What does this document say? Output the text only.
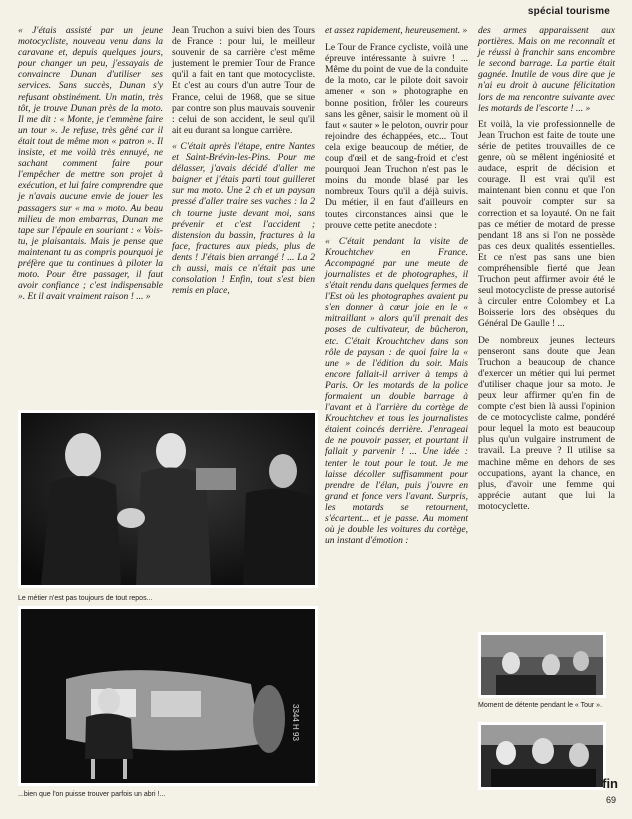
spécial tourisme

« J'étais assisté par un jeune motocycliste, nouveau venu dans la caravane et, depuis quelques jours, pour changer un peu, j'essayais de convaincre Dunan d'utiliser ses services. Sans succès, Dunan s'y refusant obstinément. Un matin, très tôt, je trouve Dunan près de la moto. Il me dit : « Monte, je t'emmène faire un tour ». Je refuse, très gêné car il était tout de même mon « patron ». Il insiste, et me voilà très ennuyé, ne sachant comment faire pour l'empêcher de mettre son projet à exécution, et lui faire comprendre que je n'avais aucune envie de jouer les passagers sur « ma » moto. Au beau milieu de mon embarras, Dunan me tape sur l'épaule en souriant : « Vois-tu, je plaisantais. Mais je pense que maintenant tu as compris pourquoi je préfère que tu continues à piloter la moto. Pour être passager, il faut avoir confiance ; c'est indispensable ». Et il avait vraiment raison ! ... »

Jean Truchon a suivi bien des Tours de France : pour lui, le meilleur souvenir de sa carrière c'est même justement le premier Tour de France qu'il a fait en tant que motocycliste. Et c'est au cours d'un autre Tour de France, celui de 1968, que se situe par contre son plus mauvais souvenir : celui de son accident, le seul qu'il ait eu durant sa longue carrière.

« C'était après l'étape, entre Nantes et Saint-Brévin-les-Pins. Pour me délasser, j'avais décidé d'aller me baigner et j'étais parti tout guilleret sur ma moto. Une 2 ch et un paysan pressé d'aller traire ses vaches : la 2 ch tourne juste devant moi, sans prévenir et c'est l'accident ; distension du bassin, fractures à la face, fractures aux pieds, plus de dents ! J'étais bien arrangé ! ... La 2 ch aussi, mais ce n'était pas une consolation ! Enfin, tout s'est bien remis en place,

et assez rapidement, heureusement. »

Le Tour de France cycliste, voilà une épreuve intéressante à suivre ! ... Même du point de vue de la conduite de la moto, car le pilote doit savoir amener « son » photographe en bonne position, frôler les coureurs sans les gêner, saisir le moment où il faut « sauter » le peloton, ouvrir pour rejoindre des échappées, etc... Tout cela exige beaucoup de métier, de coup d'œil et de sang-froid et c'est pourquoi Jean Truchon n'est pas le moins du monde blasé par les nombreux Tours qu'il a déjà suivis. Du métier, il en faut d'ailleurs en toutes circonstances ainsi que le prouve cette petite anecdote :

« C'était pendant la visite de Krouchtchev en France. Accompagné par une meute de journalistes et de photographes, il s'était rendu dans quelques fermes de l'Est où les photographes avaient pu s'en donner à cœur joie en le « mitraillant » alors qu'il prenait des poses de cultivateur, de bûcheron, etc. C'était Krouchtchev dans son rôle de paysan : de quoi faire la « une » de l'édition du soir. Mais encore fallait-il arriver à temps à Paris. Or les motards de la police formaient un double barrage à l'avant et à l'arrière du cortège de Krouchtchev et tous les journalistes étaient coincés derrière. J'enrageai de ne pouvoir passer, et pourtant il fallait y parvenir ! ... Une idée : tenter le tout pour le tout. Je me laisse décoller suffisamment pour prendre de l'élan, puis j'ouvre en grand et fonce vers l'avant. Surpris, les motards se retournent, s'écartent... et je passe. Au moment où je double les voitures du cortège, un instant d'émotion :

des armes apparaissent aux portières. Mais on me reconnaît et je réussi à franchir sans encombre le second barrage. La partie était gagnée. Inutile de vous dire que je n'ai eu droit à aucune félicitation lors de ma rencontre suivante avec les motards de l'escorte ! ... »

Et voilà, la vie professionnelle de Jean Truchon est faite de toute une série de petites trouvailles de ce genre, où se mêlent ingéniosité et audace, esprit de décision et courage. Il est vrai qu'il est maintenant bien connu et que l'on sait pouvoir compter sur sa correction et sa loyauté. On ne fait pas ce métier de motard de presse pendant 18 ans si l'on ne possède pas ces deux qualités essentielles. Et ce n'est pas sans une bien compréhensible fierté que Jean Truchon peut affirmer avoir été le seul motocycliste de presse autorisé à circuler entre Colombey et La Boisserie lors des obsèques du Général De Gaulle ! ...

De nombreux jeunes lecteurs penseront sans doute que Jean Truchon a beaucoup de chance d'exercer un métier qui lui permet d'utiliser chaque jour sa moto. Je peux leur affirmer qu'en fin de compte c'est bien là aussi l'opinion de ce motocycliste calme, pondéré pour lequel la moto est beaucoup plus qu'un vulgaire instrument de travail. La preuve ? Il utilise sa machine même en dehors de ses occupations, ayant la chance, en plus, d'avoir une femme qui apprécie autant que lui la motocyclette.

Le métier n'est pas toujours de tout repos...
3344 H 93
...bien que l'on puisse trouver parfois un abri !...
Moment de détente pendant le « Tour ».
fin
69
